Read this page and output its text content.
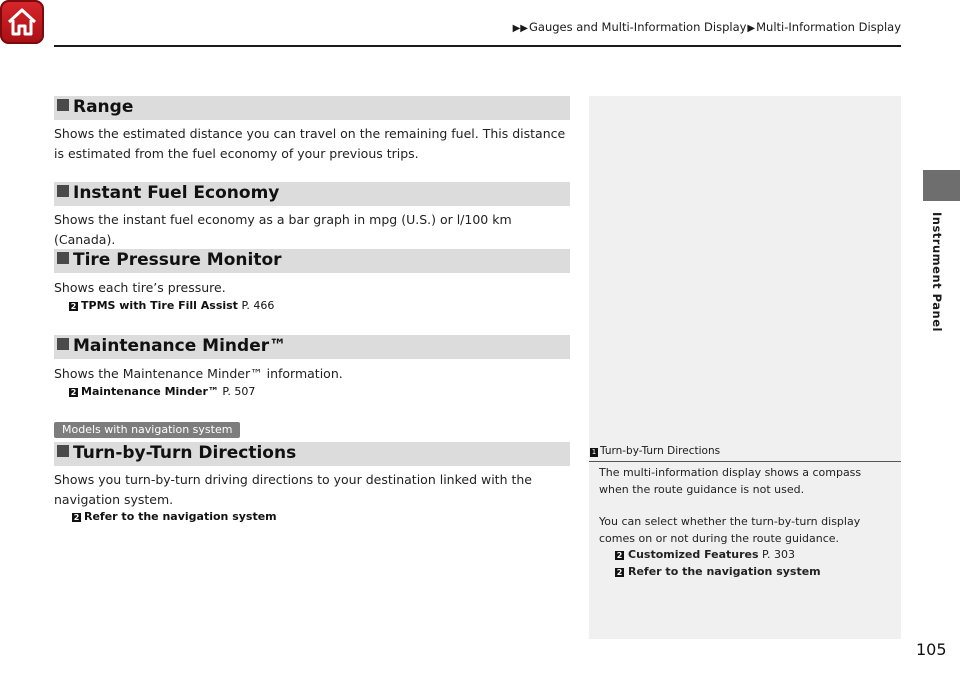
▶▶Gauges and Multi-Information Display▶Multi-Information Display
Instrument Panel
Range
Shows the estimated distance you can travel on the remaining fuel. This distance is estimated from the fuel economy of your previous trips.
Instant Fuel Economy
Shows the instant fuel economy as a bar graph in mpg (U.S.) or l/100 km (Canada).
Tire Pressure Monitor
Shows each tire’s pressure.
2 TPMS with Tire Fill Assist P. 466
Maintenance Minder™
Shows the Maintenance Minder™ information.
2 Maintenance Minder™ P. 507
Models with navigation system
Turn-by-Turn Directions
Shows you turn-by-turn driving directions to your destination linked with the navigation system.
2 Refer to the navigation system
1 Turn-by-Turn Directions

The multi-information display shows a compass when the route guidance is not used.

You can select whether the turn-by-turn display comes on or not during the route guidance.

2 Customized Features P. 303
2 Refer to the navigation system
105
